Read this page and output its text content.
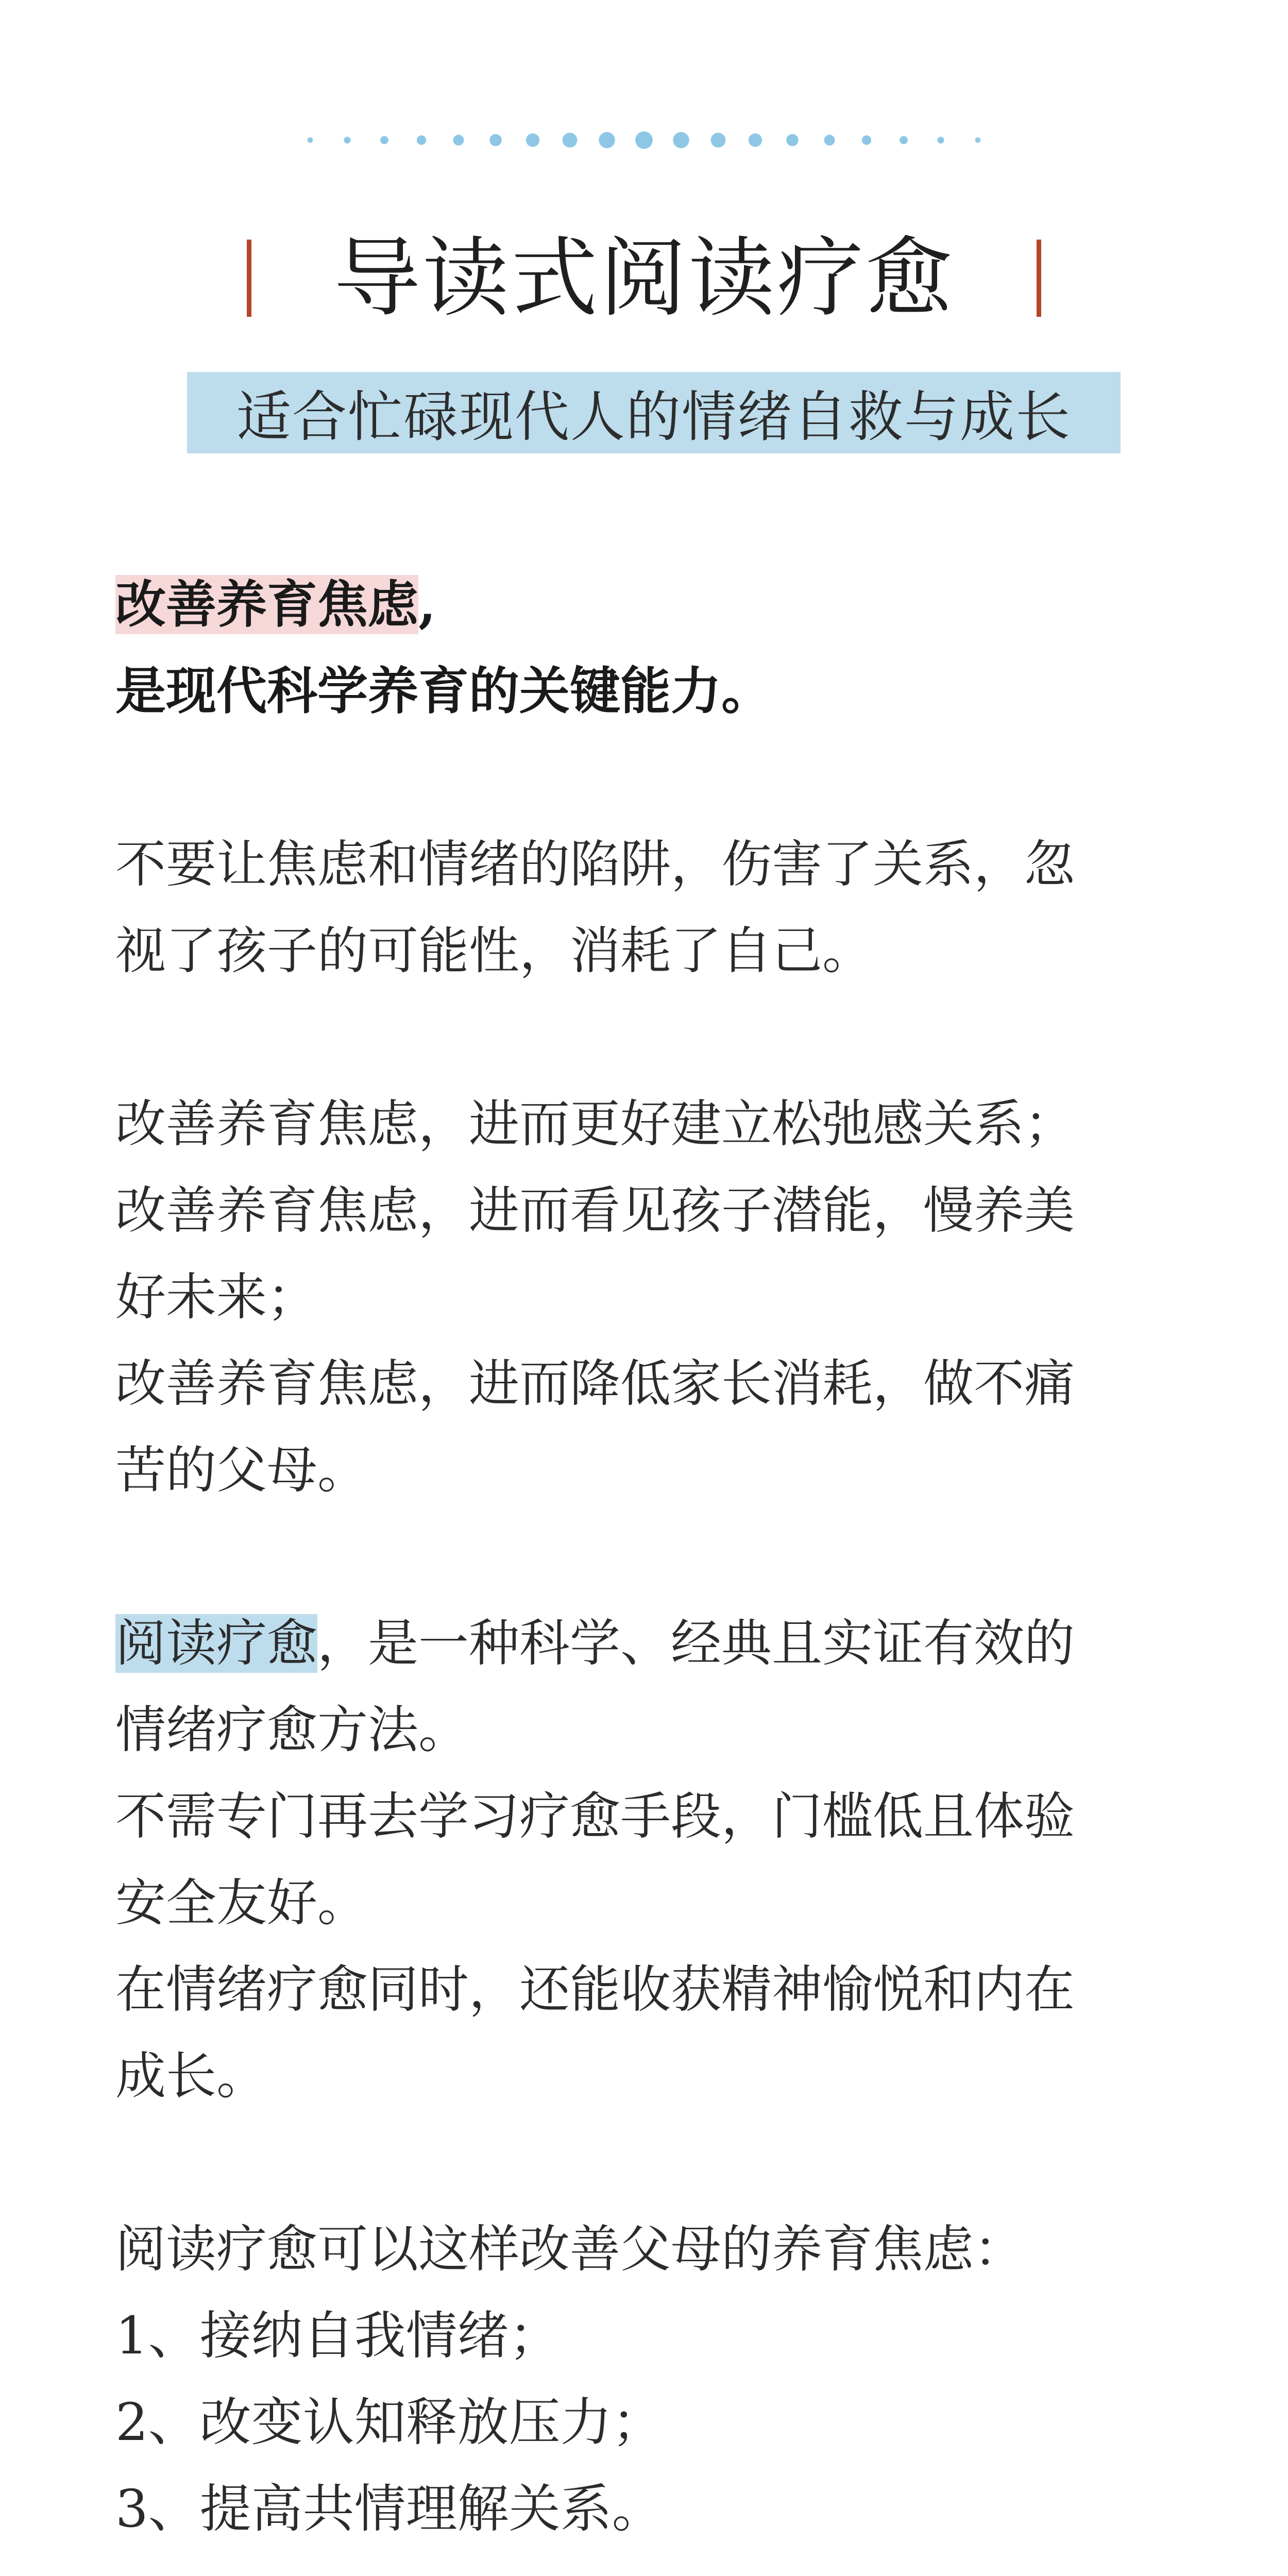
导读式阅读疗愈
适合忙碌现代人的情绪自救与成长
改善养育焦虑,
是现代科学养育的关键能力。
不要让焦虑和情绪的陷阱，伤害了关系，忽
视了孩子的可能性，消耗了自己。
改善养育焦虑，进而更好建立松弛感关系；
改善养育焦虑，进而看见孩子潜能，慢养美
好未来；
改善养育焦虑，进而降低家长消耗，做不痛
苦的父母。
阅读疗愈，是一种科学、经典且实证有效的
情绪疗愈方法。
不需专门再去学习疗愈手段，门槛低且体验
安全友好。
在情绪疗愈同时，还能收获精神愉悦和内在
成长。
阅读疗愈可以这样改善父母的养育焦虑：
1、接纳自我情绪；
2、改变认知释放压力；
3、提高共情理解关系。
